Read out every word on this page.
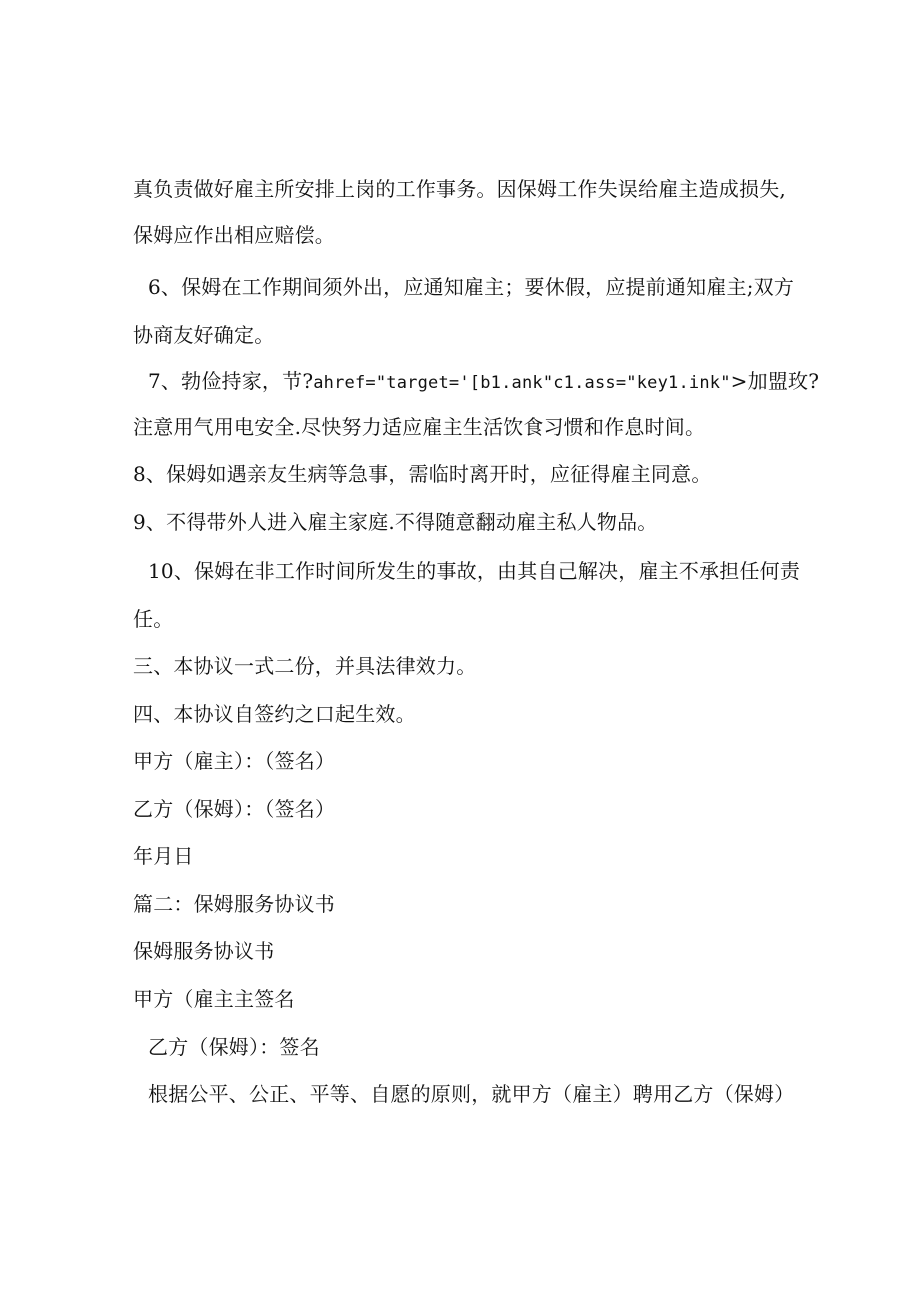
真负责做好雇主所安排上岗的工作事务。因保姆工作失误给雇主造成损失,
保姆应作出相应赔偿。
6、保姆在工作期间须外出，应通知雇主；要休假，应提前通知雇主;双方
协商友好确定。
7、勃俭持家，节?ahref="target='[b1.ank"c1.ass="key1.ink">加盟玫?
注意用气用电安全.尽快努力适应雇主生活饮食习惯和作息时间。
8、保姆如遇亲友生病等急事，需临时离开时，应征得雇主同意。
9、不得带外人进入雇主家庭.不得随意翻动雇主私人物品。
10、保姆在非工作时间所发生的事故，由其自己解决，雇主不承担任何责
任。
三、本协议一式二份，并具法律效力。
四、本协议自签约之口起生效。
甲方（雇主）：（签名）
乙方（保姆）：（签名）
年月日
篇二：保姆服务协议书
保姆服务协议书
甲方（雇主主签名
乙方（保姆）：签名
根据公平、公正、平等、自愿的原则，就甲方（雇主）聘用乙方（保姆）
